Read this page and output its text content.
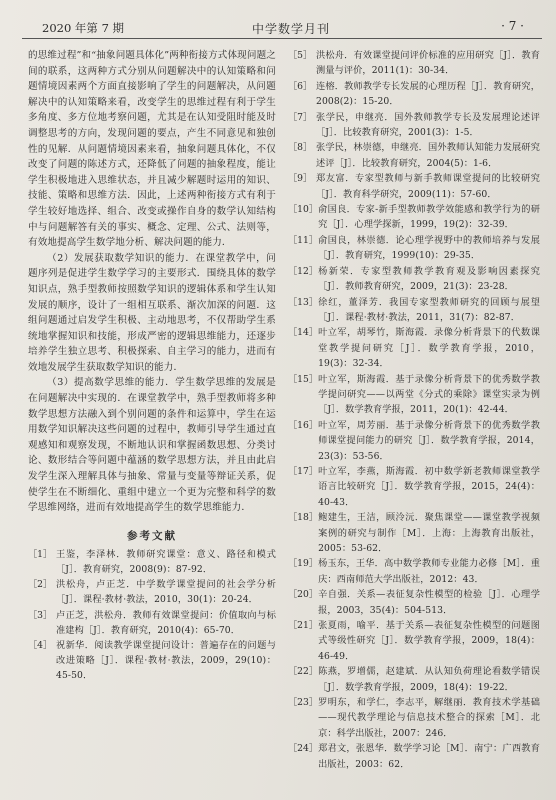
2020 年第 7 期	中学数学月刊	· 7 ·

的思维过程”和“抽象问题具体化”两种衔接方式体现问题之间的联系，这两种方式分别从问题解决中的认知策略和问题情境因素两个方面直接影响了学生的问题解决，从问题解决中的认知策略来看，改变学生的思维过程有利于学生多角度、多方位地考察问题，尤其是在认知受阻时能及时调整思考的方向，发现问题的要点，产生不同意见和独创性的见解．从问题情境因素来看，抽象问题具体化，不仅改变了问题的陈述方式，还降低了问题的抽象程度，能让学生积极地进入思维状态，并且减少解题时运用的知识、技能、策略和思维方法．因此，上述两种衔接方式有利于学生较好地选择、组合、改变或操作自身的数学认知结构中与问题解答有关的事实、概念、定理、公式、法则等，有效地提高学生数学地分析、解决问题的能力．

（2）发展获取数学知识的能力．在课堂教学中，问题序列是促进学生数学学习的主要形式．围绕具体的数学知识点，熟手型教师按照数学知识的逻辑体系和学生认知发展的顺序，设计了一组相互联系、渐次加深的问题．这组问题通过启发学生积极、主动地思考，不仅帮助学生系统地掌握知识和技能，形成严密的逻辑思维能力，还逐步培养学生独立思考、积极探索、自主学习的能力，进而有效地发展学生获取数学知识的能力．

（3）提高数学思维的能力．学生数学思维的发展是在问题解决中实现的．在课堂教学中，熟手型教师将多种数学思想方法融入到个别问题的条件和运算中，学生在运用数学知识解决这些问题的过程中，教师引导学生通过直观感知和观察发现，不断地认识和掌握函数思想、分类讨论、数形结合等问题中蕴涵的数学思想方法，并且由此启发学生深入理解具体与抽象、常量与变量等辩证关系，促使学生在不断细化、重组中建立一个更为完整和科学的数学思维网络，进而有效地提高学生的数学思维能力．

参考文献
［1］ 王鉴，李泽林．教师研究课堂：意义、路径和模式［J］．教育研究，2008(9)：87-92．
［2］ 洪松舟，卢正芝．中学数学课堂提问的社会学分析［J］．课程·教材·教法，2010，30(1)：20-24．
［3］ 卢正芝，洪松舟．教师有效课堂提问：价值取向与标准建构［J］．教育研究，2010(4)：65-70．
［4］ 祝新华．阅读教学课堂提问设计：普遍存在的问题与改进策略［J］．课程·教材·教法，2009，29(10)：45-50．
［5］ 洪松舟．有效课堂提问评价标准的应用研究［J］．教育测量与评价，2011(1)：30-34．
［6］ 连榕．教师教学专长发展的心理历程［J］．教育研究，2008(2)：15-20．
［7］ 张学民，申继亮．国外教师教学专长及发展理论述评［J］．比较教育研究，2001(3)：1-5．
［8］ 张学民，林崇德，申继亮．国外教师认知能力发展研究述评［J］．比较教育研究，2004(5)：1-6．
［9］ 郑友富．专家型教师与新手教师课堂提问的比较研究［J］．教育科学研究，2009(11)：57-60．
［10］ 俞国良．专家-新手型教师教学效能感和教学行为的研究［J］．心理学探新，1999，19(2)：32-39．
［11］ 俞国良，林崇德．论心理学视野中的教师培养与发展［J］．教育研究，1999(10)：29-35．
［12］ 杨新荣．专家型教师教学教育观及影响因素探究［J］．教师教育研究，2009，21(3)：23-28．
［13］ 徐红，董泽芳．我国专家型教师研究的回顾与展望［J］．课程·教材·教法，2011，31(7)：82-87．
［14］ 叶立军，胡琴竹，斯海霞．录像分析背景下的代数课堂教学提问研究［J］．数学教育学报，2010，19(3)：32-34．
［15］ 叶立军，斯海霞．基于录像分析背景下的优秀数学教学提问研究——以两堂《分式的乘除》课堂实录为例［J］．数学教育学报，2011，20(1)：42-44．
［16］ 叶立军，周芳丽．基于录像分析背景下的优秀数学教师课堂提问能力的研究［J］．数学教育学报，2014，23(3)：53-56．
［17］ 叶立军，李燕，斯海霞．初中数学新老教师课堂教学语言比较研究［J］．数学教育学报，2015，24(4)：40-43．
［18］ 鲍建生，王洁，顾泠沅．聚焦课堂——课堂教学视频案例的研究与制作［M］．上海：上海教育出版社，2005：53-62．
［19］ 杨玉东，王华．高中数学教师专业能力必修［M］．重庆：西南师范大学出版社，2012：43．
［20］ 辛自强．关系—表征复杂性模型的检验［J］．心理学报，2003，35(4)：504-513．
［21］ 张夏雨，喻平．基于关系—表征复杂性模型的问题图式等级性研究［J］．数学教育学报，2009，18(4)：46-49．
［22］ 陈燕，罗增儒，赵建斌．从认知负荷理论看数学错误［J］．数学教育学报，2009，18(4)：19-22．
［23］ 罗明东，和学仁，李志平，解继丽．教育技术学基础——现代教学理论与信息技术整合的探索［M］．北京：科学出版社，2007：246．
［24］ 郑君文，张恩华．数学学习论［M］．南宁：广西教育出版社，2003：62．
